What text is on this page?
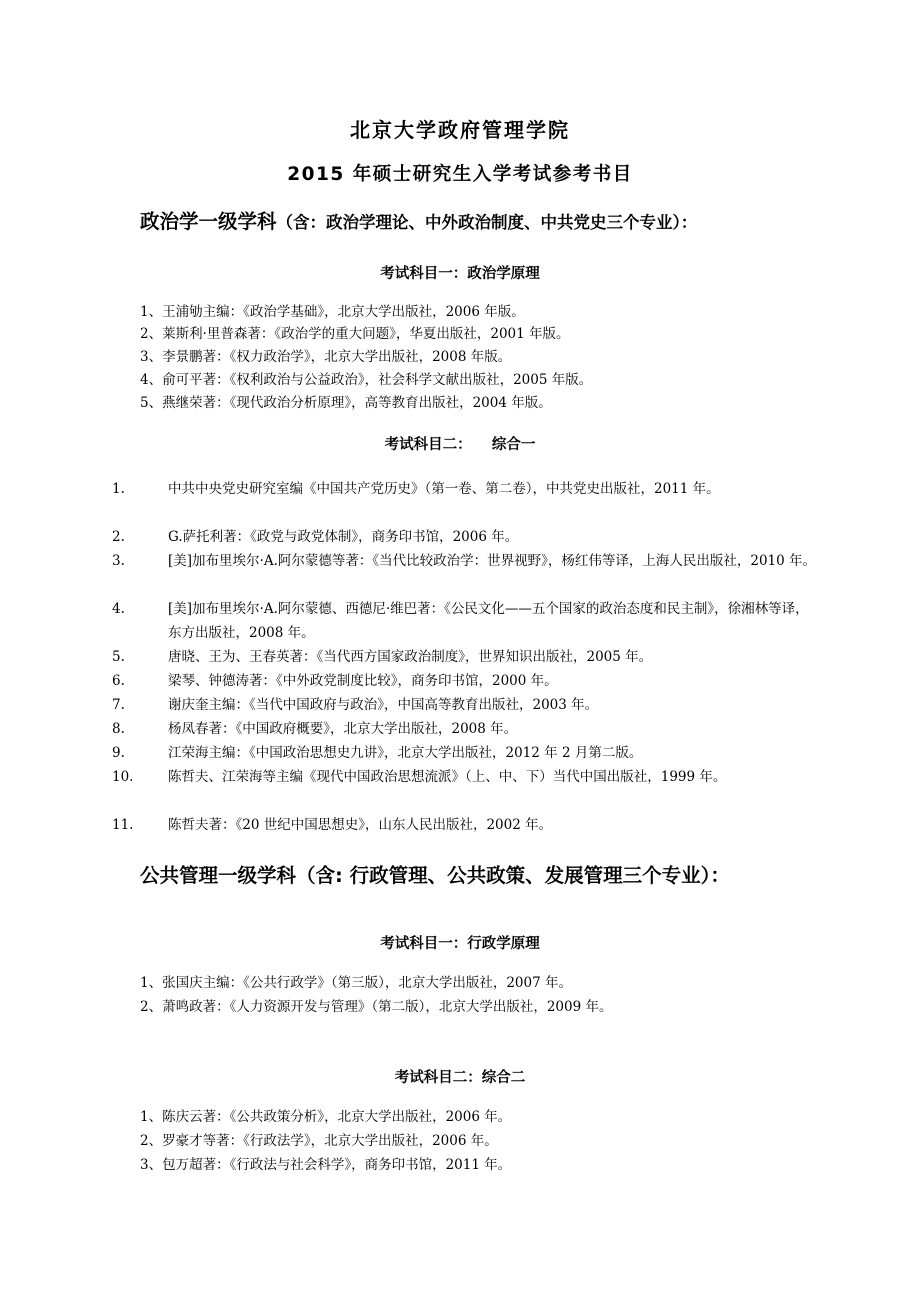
北京大学政府管理学院
2015 年硕士研究生入学考试参考书目
政治学一级学科（含：政治学理论、中外政治制度、中共党史三个专业）：
考试科目一：政治学原理
1、王浦劬主编：《政治学基础》，北京大学出版社，2006 年版。
2、莱斯利·里普森著：《政治学的重大问题》，华夏出版社，2001 年版。
3、李景鹏著：《权力政治学》，北京大学出版社，2008 年版。
4、俞可平著：《权利政治与公益政治》，社会科学文献出版社，2005 年版。
5、燕继荣著：《现代政治分析原理》，高等教育出版社，2004 年版。
考试科目二：    综合一
1.	中共中央党史研究室编《中国共产党历史》（第一卷、第二卷），中共党史出版社，2011 年。
2.	G.萨托利著：《政党与政党体制》，商务印书馆，2006 年。
3.	[美]加布里埃尔·A.阿尔蒙德等著：《当代比较政治学：世界视野》，杨红伟等译，上海人民出版社，2010 年。
4.	[美]加布里埃尔·A.阿尔蒙德、西德尼·维巴著：《公民文化——五个国家的政治态度和民主制》，徐湘林等译，东方出版社，2008 年。
5.	唐晓、王为、王春英著：《当代西方国家政治制度》，世界知识出版社，2005 年。
6.	梁琴、钟德涛著：《中外政党制度比较》，商务印书馆，2000 年。
7.	谢庆奎主编：《当代中国政府与政治》，中国高等教育出版社，2003 年。
8.	杨凤春著：《中国政府概要》，北京大学出版社，2008 年。
9.	江荣海主编：《中国政治思想史九讲》，北京大学出版社，2012 年 2 月第二版。
10.	陈哲夫、江荣海等主编《现代中国政治思想流派》（上、中、下）当代中国出版社，1999 年。
11.	陈哲夫著：《20 世纪中国思想史》，山东人民出版社，2002 年。
公共管理一级学科（含: 行政管理、公共政策、发展管理三个专业）：
考试科目一：行政学原理
1、张国庆主编：《公共行政学》（第三版），北京大学出版社，2007 年。
2、萧鸣政著：《人力资源开发与管理》（第二版），北京大学出版社，2009 年。
考试科目二：综合二
1、陈庆云著：《公共政策分析》，北京大学出版社，2006 年。
2、罗豪才等著：《行政法学》，北京大学出版社，2006 年。
3、包万超著：《行政法与社会科学》，商务印书馆，2011 年。
